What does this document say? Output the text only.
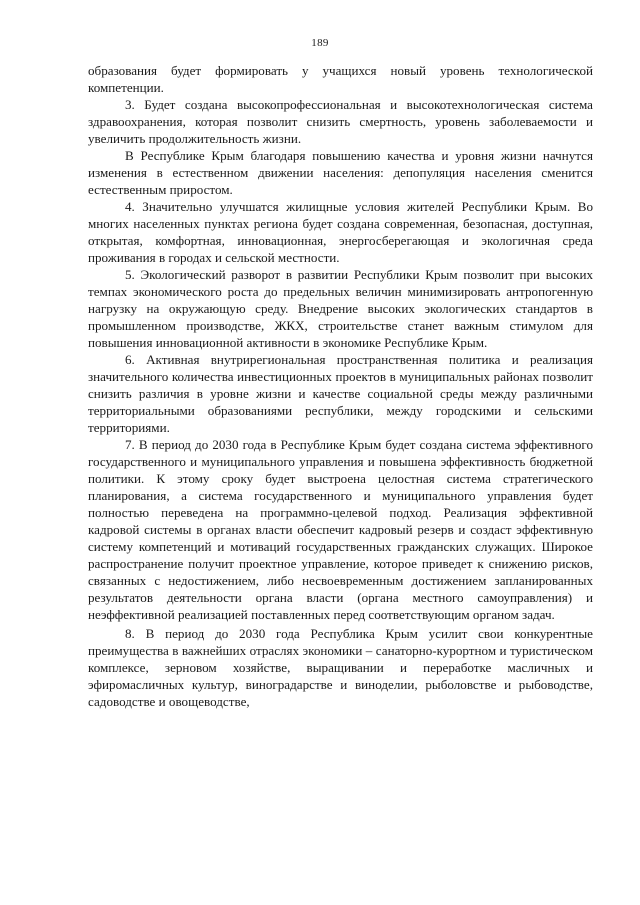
189

образования будет формировать у учащихся новый уровень технологической компетенции.

3. Будет создана высокопрофессиональная и высокотехнологическая система здравоохранения, которая позволит снизить смертность, уровень заболеваемости и увеличить продолжительность жизни.

В Республике Крым благодаря повышению качества и уровня жизни начнутся изменения в естественном движении населения: депопуляция населения сменится естественным приростом.

4. Значительно улучшатся жилищные условия жителей Республики Крым. Во многих населенных пунктах региона будет создана современная, безопасная, доступная, открытая, комфортная, инновационная, энергосберегающая и экологичная среда проживания в городах и сельской местности.

5. Экологический разворот в развитии Республики Крым позволит при высоких темпах экономического роста до предельных величин минимизировать антропогенную нагрузку на окружающую среду. Внедрение высоких экологических стандартов в промышленном производстве, ЖКХ, строительстве станет важным стимулом для повышения инновационной активности в экономике Республике Крым.

6. Активная внутрирегиональная пространственная политика и реализация значительного количества инвестиционных проектов в муниципальных районах позволит снизить различия в уровне жизни и качестве социальной среды между различными территориальными образованиями республики, между городскими и сельскими территориями.

7. В период до 2030 года в Республике Крым будет создана система эффективного государственного и муниципального управления и повышена эффективность бюджетной политики. К этому сроку будет выстроена целостная система стратегического планирования, а система государственного и муниципального управления будет полностью переведена на программно-целевой подход. Реализация эффективной кадровой системы в органах власти обеспечит кадровый резерв и создаст эффективную систему компетенций и мотиваций государственных гражданских служащих. Широкое распространение получит проектное управление, которое приведет к снижению рисков, связанных с недостижением, либо несвоевременным достижением запланированных результатов деятельности органа власти (органа местного самоуправления) и неэффективной реализацией поставленных перед соответствующим органом задач.

8. В период до 2030 года Республика Крым усилит свои конкурентные преимущества в важнейших отраслях экономики – санаторно-курортном и туристическом комплексе, зерновом хозяйстве, выращивании и переработке масличных и эфиромасличных культур, виноградарстве и виноделии, рыболовстве и рыбоводстве, садоводстве и овощеводстве,
